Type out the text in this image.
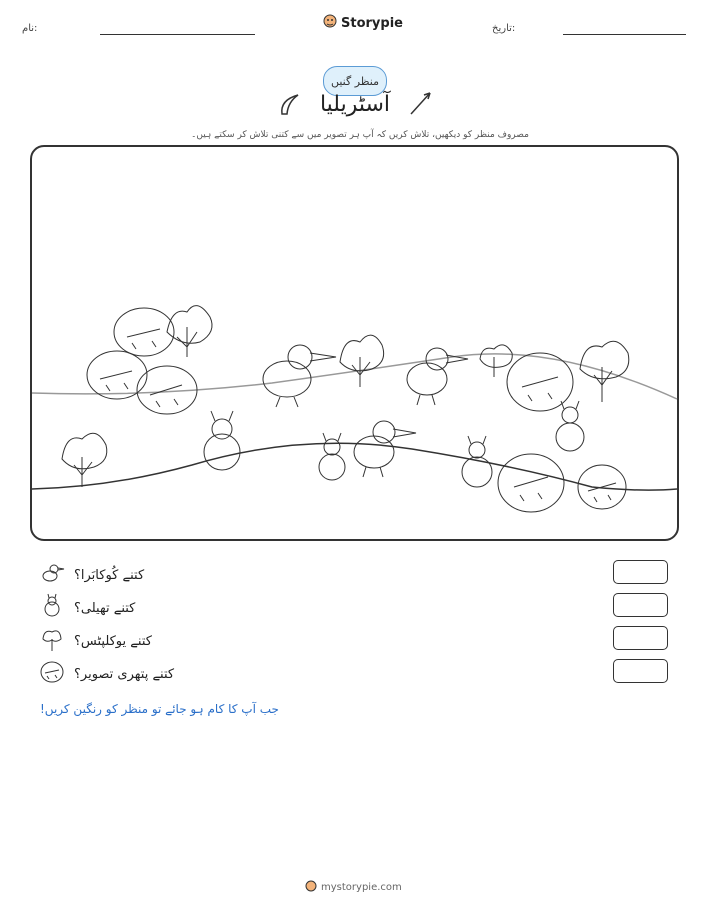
نام:	Storypie	تاریخ:
منظر گنیں
آسٹریلیا
مصروف منظر کو دیکھیں، تلاش کریں کہ آپ ہر تصویر میں سے کتنی تلاش کر سکتے ہیں۔
کتنے کُوکابَرا؟
کتنے تھیلی؟
کتنے یوکلپٹس؟
کتنے پتھری تصویر؟
جب آپ کا کام ہو جائے تو منظر کو رنگین کریں!
mystorypie.com
